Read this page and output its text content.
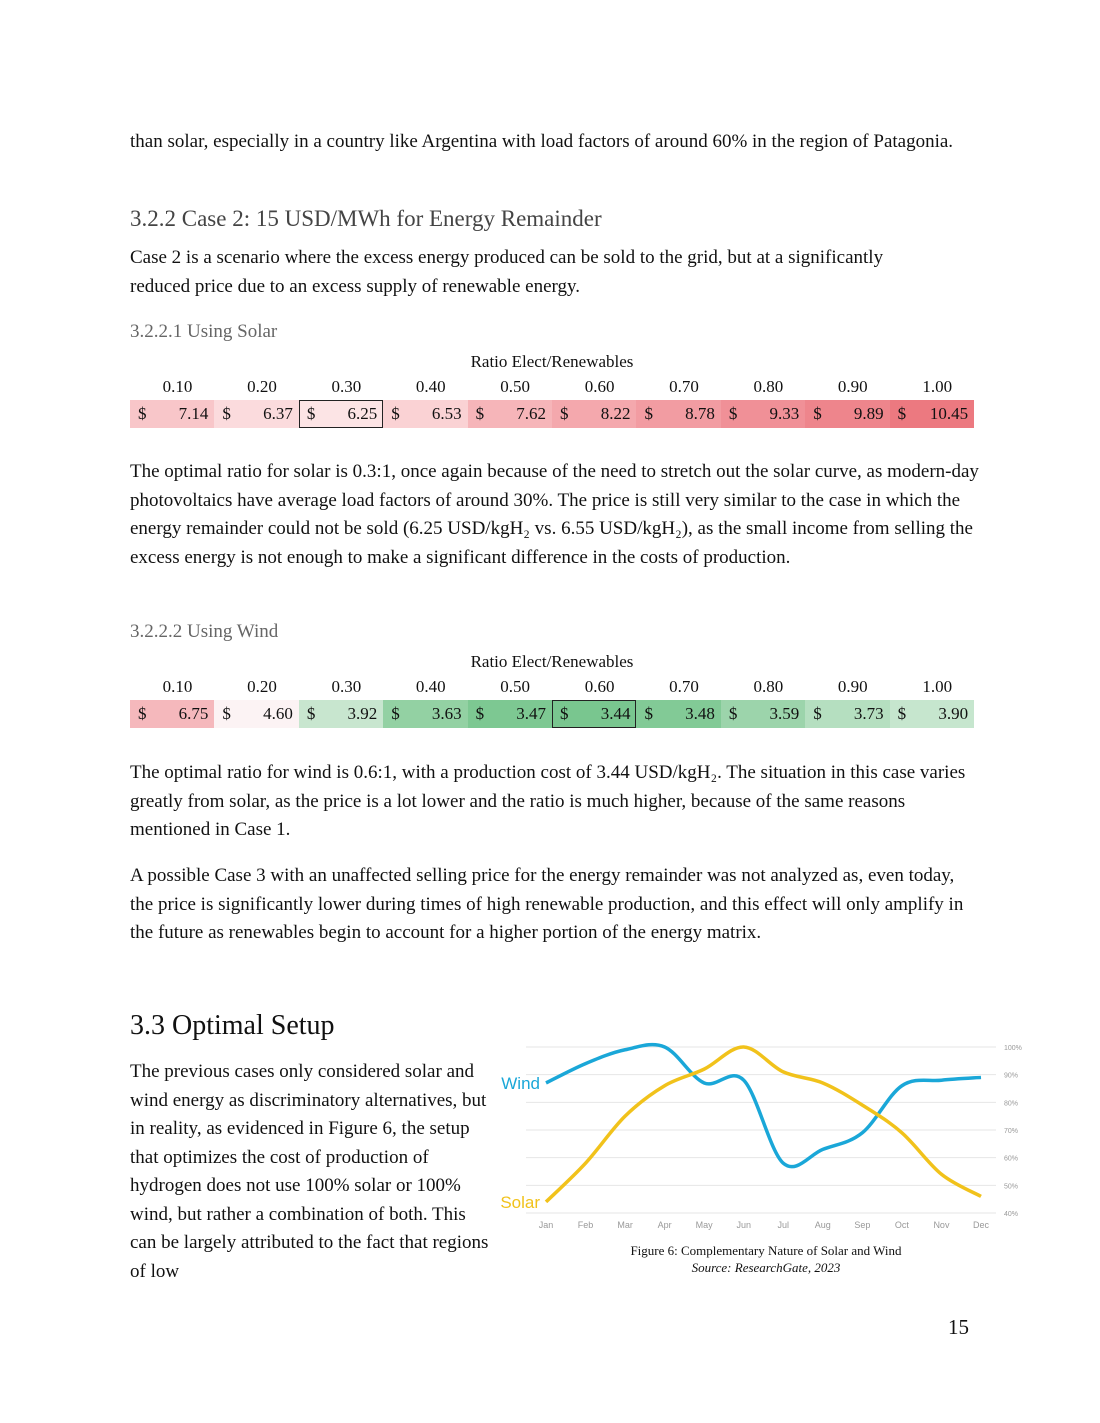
than solar, especially in a country like Argentina with load factors of around 60% in the region of Patagonia.

3.2.2 Case 2: 15 USD/MWh for Energy Remainder

Case 2 is a scenario where the excess energy produced can be sold to the grid, but at a significantly reduced price due to an excess supply of renewable energy.

3.2.2.1 Using Solar
Ratio Elect/Renewables
0.10	0.20	0.30	0.40	0.50	0.60	0.70	0.80	0.90	1.00
$ 7.14 $ 6.37 $ 6.25 $ 6.53 $ 7.62 $ 8.22 $ 8.78 $ 9.33 $ 9.89 $ 10.45

The optimal ratio for solar is 0.3:1, once again because of the need to stretch out the solar curve, as modern-day photovoltaics have average load factors of around 30%. The price is still very similar to the case in which the energy remainder could not be sold (6.25 USD/kgH₂ vs. 6.55 USD/kgH₂), as the small income from selling the excess energy is not enough to make a significant difference in the costs of production.

3.2.2.2 Using Wind
Ratio Elect/Renewables
0.10	0.20	0.30	0.40	0.50	0.60	0.70	0.80	0.90	1.00
$ 6.75 $ 4.60 $ 3.92 $ 3.63 $ 3.47 $ 3.44 $ 3.48 $ 3.59 $ 3.73 $ 3.90

The optimal ratio for wind is 0.6:1, with a production cost of 3.44 USD/kgH₂. The situation in this case varies greatly from solar, as the price is a lot lower and the ratio is much higher, because of the same reasons mentioned in Case 1.

A possible Case 3 with an unaffected selling price for the energy remainder was not analyzed as, even today, the price is significantly lower during times of high renewable production, and this effect will only amplify in the future as renewables begin to account for a higher portion of the energy matrix.

3.3 Optimal Setup

The previous cases only considered solar and wind energy as discriminatory alternatives, but in reality, as evidenced in Figure 6, the setup that optimizes the cost of production of hydrogen does not use 100% solar or 100% wind, but rather a combination of both. This can be largely attributed to the fact that regions of low

100%
90%
80%
70%
60%
50%
40%
Jan	Feb	Mar	Apr	May	Jun	Jul	Aug	Sep	Oct	Nov	Dec
Wind
Solar
Figure 6: Complementary Nature of Solar and Wind
Source: ResearchGate, 2023
15
